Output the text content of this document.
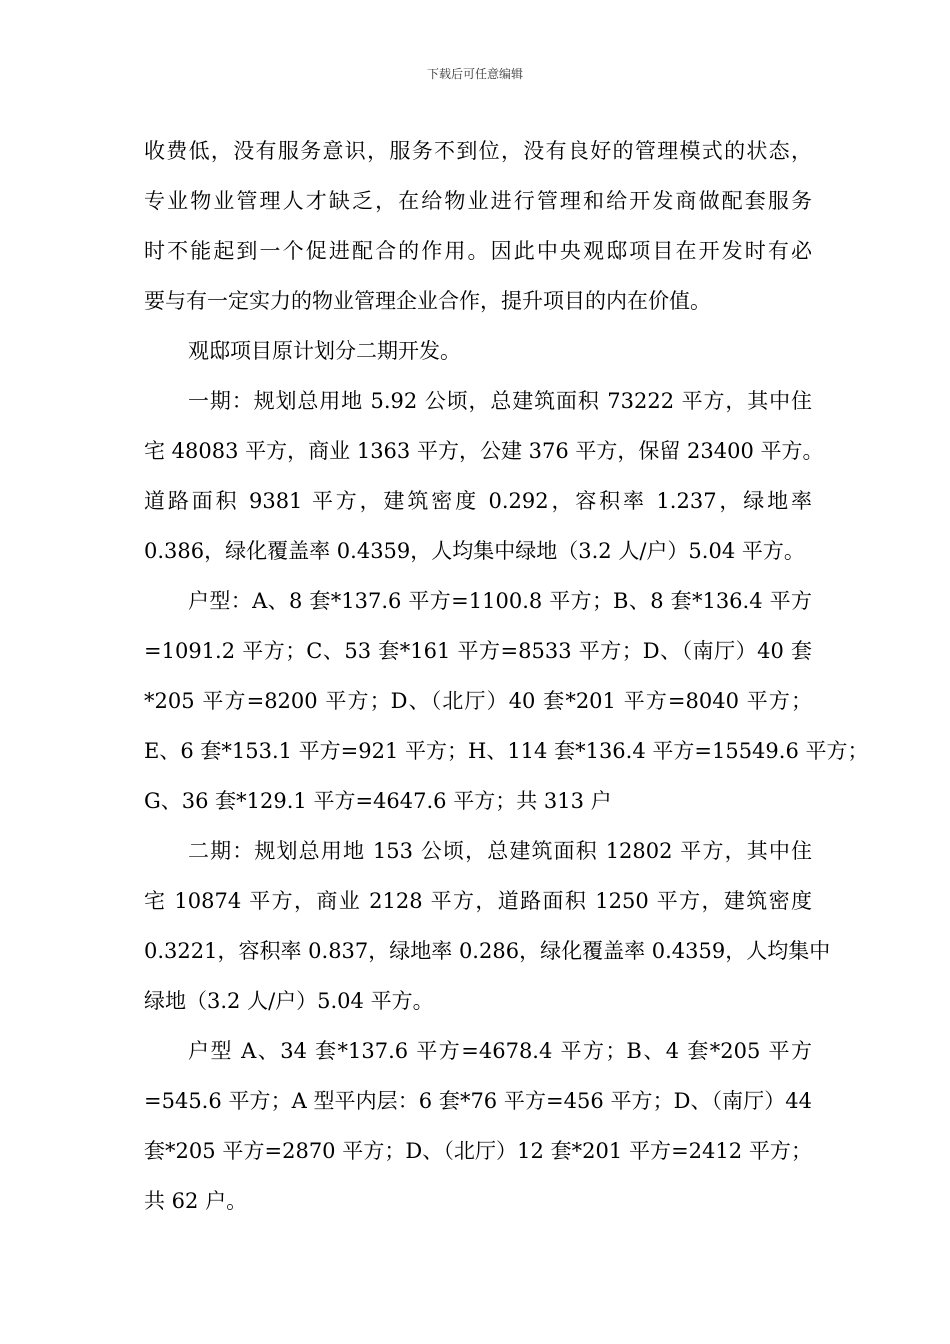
下载后可任意编辑
收费低，没有服务意识，服务不到位，没有良好的管理模式的状态，
专业物业管理人才缺乏，在给物业进行管理和给开发商做配套服务
时不能起到一个促进配合的作用。因此中央观邸项目在开发时有必
要与有一定实力的物业管理企业合作，提升项目的内在价值。
观邸项目原计划分二期开发。
一期：规划总用地 5.92 公顷，总建筑面积 73222 平方，其中住
宅 48083 平方，商业 1363 平方，公建 376 平方，保留 23400 平方。
道路面积 9381 平方，建筑密度 0.292，容积率 1.237，绿地率
0.386，绿化覆盖率 0.4359，人均集中绿地（3.2 人/户）5.04 平方。
户型：A、8 套*137.6 平方=1100.8 平方；B、8 套*136.4 平方
=1091.2 平方；C、53 套*161 平方=8533 平方；D、（南厅）40 套
*205 平方=8200 平方；D、（北厅）40 套*201 平方=8040 平方；
E、6 套*153.1 平方=921 平方；H、114 套*136.4 平方=15549.6 平方；
G、36 套*129.1 平方=4647.6 平方；共 313 户
二期：规划总用地 153 公顷，总建筑面积 12802 平方，其中住
宅 10874 平方，商业 2128 平方，道路面积 1250 平方，建筑密度
0.3221，容积率 0.837，绿地率 0.286，绿化覆盖率 0.4359，人均集中
绿地（3.2 人/户）5.04 平方。
户型 A、34 套*137.6 平方=4678.4 平方；B、4 套*205 平方
=545.6 平方；A 型平内层：6 套*76 平方=456 平方；D、（南厅）44
套*205 平方=2870 平方；D、（北厅）12 套*201 平方=2412 平方；
共 62 户。
